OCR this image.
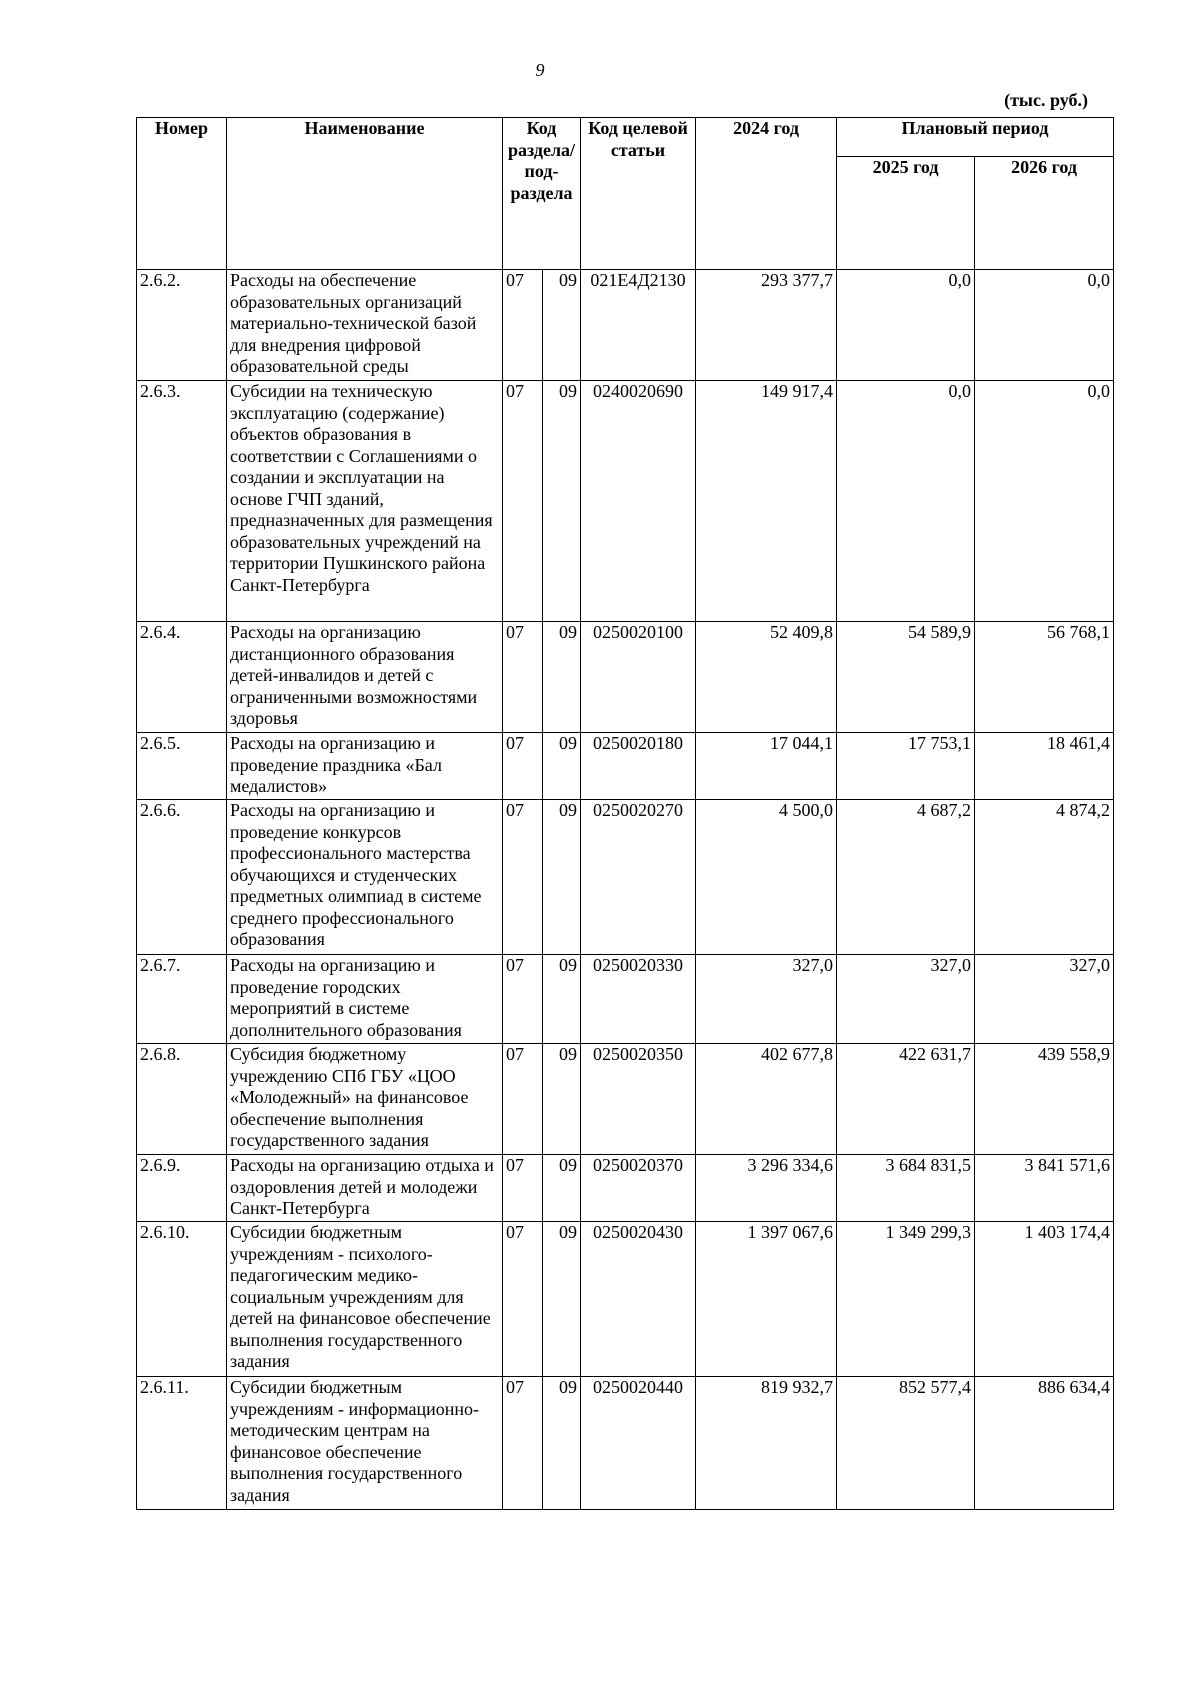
9
(тыс. руб.)
Номер	Наименование	Код раздела/ под-раздела		Код целевой статьи	2024 год	Плановый период	
						2025 год	2026 год
2.6.2.	Расходы на обеспечение образовательных организаций материально-технической базой для внедрения цифровой образовательной среды	07	09	021E4Д2130	293 377,7	0,0	0,0
2.6.3.	Субсидии на техническую эксплуатацию (содержание) объектов образования в соответствии с Соглашениями о создании и эксплуатации на основе ГЧП зданий, предназначенных для размещения образовательных учреждений на территории Пушкинского района Санкт-Петербурга	07	09	0240020690	149 917,4	0,0	0,0
2.6.4.	Расходы на организацию дистанционного образования детей-инвалидов и детей с ограниченными возможностями здоровья	07	09	0250020100	52 409,8	54 589,9	56 768,1
2.6.5.	Расходы на организацию и проведение праздника «Бал медалистов»	07	09	0250020180	17 044,1	17 753,1	18 461,4
2.6.6.	Расходы на организацию и проведение конкурсов профессионального мастерства обучающихся и студенческих предметных олимпиад в системе среднего профессионального образования	07	09	0250020270	4 500,0	4 687,2	4 874,2
2.6.7.	Расходы на организацию и проведение городских мероприятий в системе дополнительного образования	07	09	0250020330	327,0	327,0	327,0
2.6.8.	Субсидия бюджетному учреждению СПб ГБУ «ЦОО «Молодежный» на финансовое обеспечение выполнения государственного задания	07	09	0250020350	402 677,8	422 631,7	439 558,9
2.6.9.	Расходы на организацию отдыха и оздоровления детей и молодежи Санкт-Петербурга	07	09	0250020370	3 296 334,6	3 684 831,5	3 841 571,6
2.6.10.	Субсидии бюджетным учреждениям - психолого-педагогическим медико-социальным учреждениям для детей на финансовое обеспечение выполнения государственного задания	07	09	0250020430	1 397 067,6	1 349 299,3	1 403 174,4
2.6.11.	Субсидии бюджетным учреждениям - информационно-методическим центрам на финансовое обеспечение выполнения государственного задания	07	09	0250020440	819 932,7	852 577,4	886 634,4
